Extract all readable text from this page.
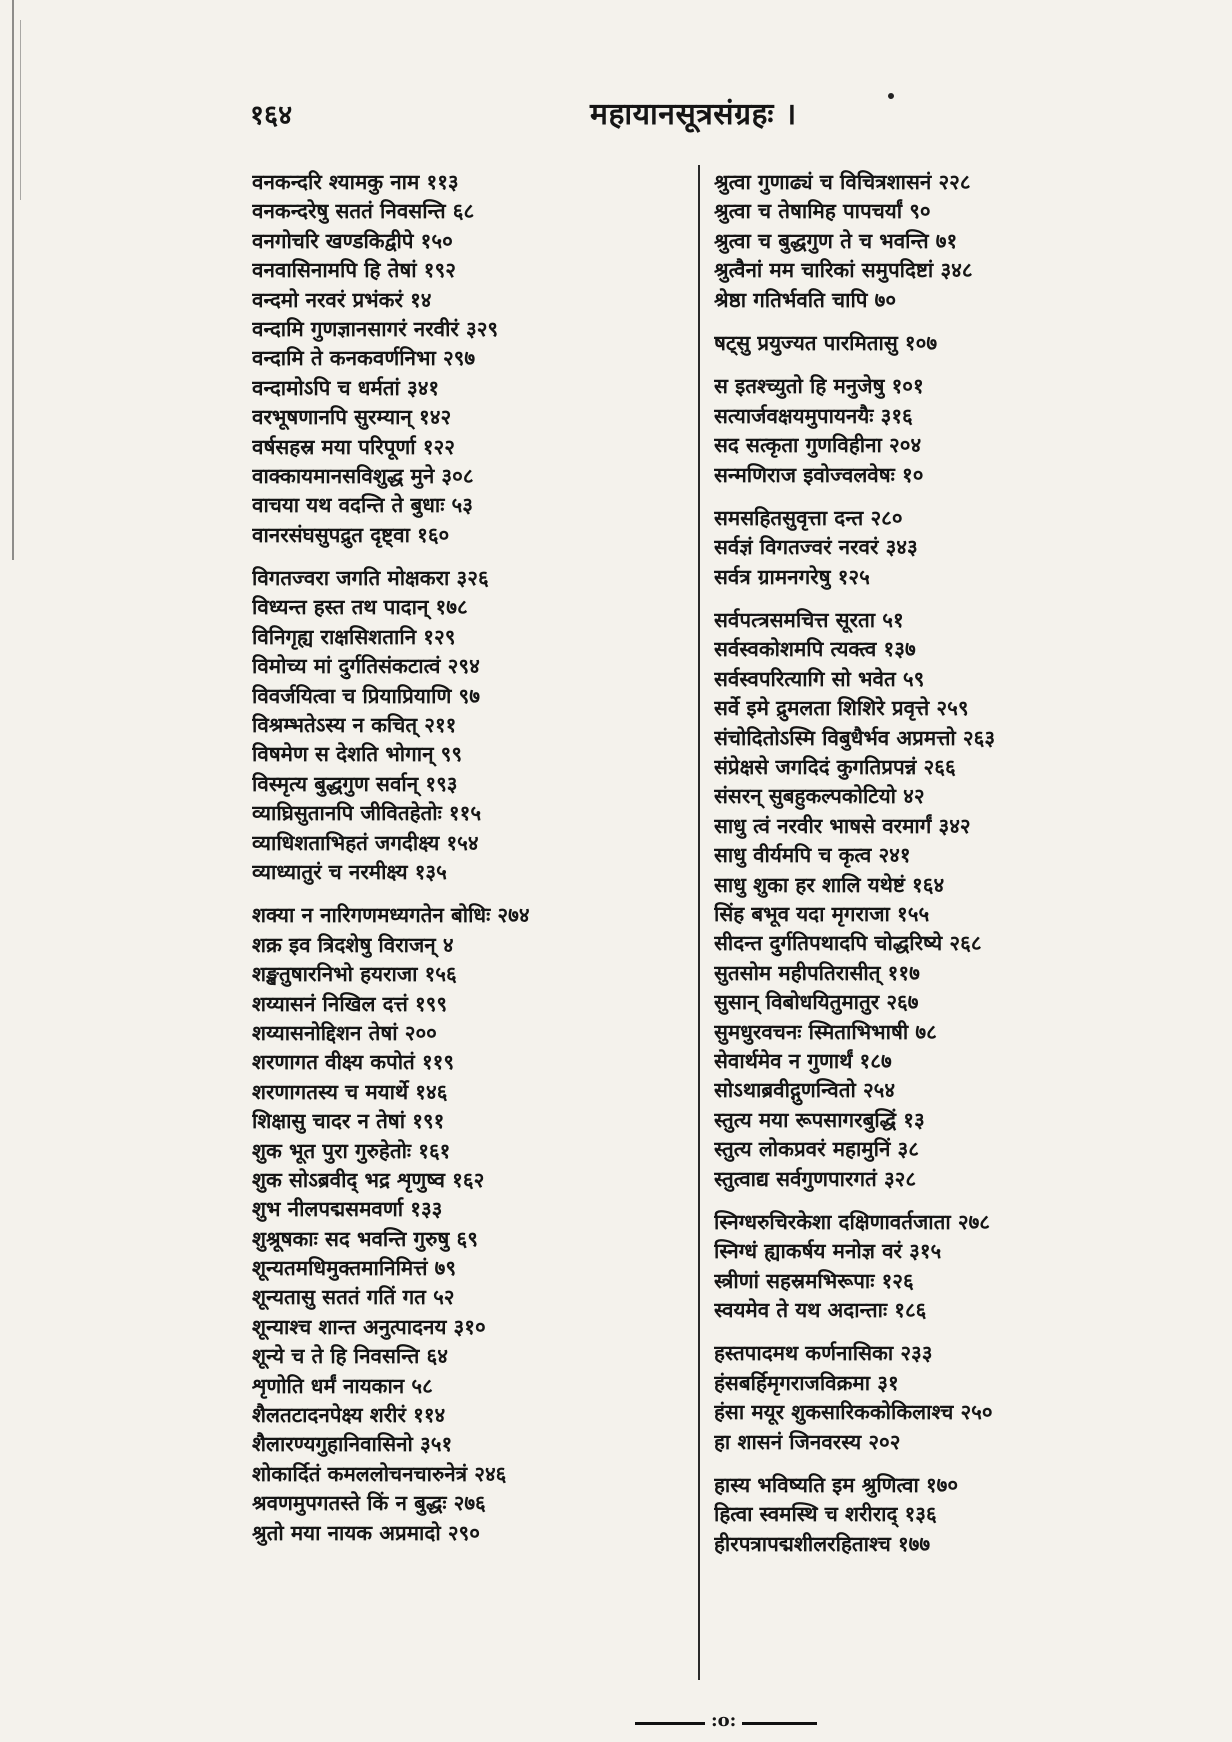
१६४	महायानसूत्रसंग्रहः ।
वनकन्दरि श्यामकु नाम ११३
वनकन्दरेषु सततं निवसन्ति ६८
वनगोचरि खण्डकिद्वीपे १५०
वनवासिनामपि हि तेषां १९२
वन्दमो नरवरं प्रभंकरं १४
वन्दामि गुणज्ञानसागरं नरवीरं ३२९
वन्दामि ते कनकवर्णनिभा २९७
वन्दामोऽपि च धर्मतां ३४१
वरभूषणानपि सुरम्यान् १४२
वर्षसहस्र मया परिपूर्णा १२२
वाक्कायमानसविशुद्ध मुने ३०८
वाचया यथ वदन्ति ते बुधाः ५३
वानरसंघसुपद्रुत दृष्ट्वा १६०
विगतज्वरा जगति मोक्षकरा ३२६
विध्यन्त हस्त तथ पादान् १७८
विनिगृह्य राक्षसिशतानि १२९
विमोच्य मां दुर्गतिसंकटात्वं २९४
विवर्जयित्वा च प्रियाप्रियाणि ९७
विश्रम्भतेऽस्य न कचित् २११
विषमेण स देशति भोगान् ९९
विस्मृत्य बुद्धगुण सर्वान् १९३
व्याघ्रिसुतानपि जीवितहेतोः ११५
व्याधिशताभिहतं जगदीक्ष्य १५४
व्याध्यातुरं च नरमीक्ष्य १३५
शक्या न नारिगणमध्यगतेन बोधिः २७४
शक्र इव त्रिदशेषु विराजन् ४
शङ्खतुषारनिभो हयराजा १५६
शय्यासनं निखिल दत्तं १९९
शय्यासनोद्दिशन तेषां २००
शरणागत वीक्ष्य कपोतं ११९
शरणागतस्य च मयार्थे १४६
शिक्षासु चादर न तेषां १९१
शुक भूत पुरा गुरुहेतोः १६१
शुक सोऽब्रवीद् भद्र शृणुष्व १६२
शुभ नीलपद्मसमवर्णा १३३
शुश्रूषकाः सद भवन्ति गुरुषु ६९
शून्यतमधिमुक्तमानिमित्तं ७९
शून्यतासु सततं गतिं गत ५२
शून्याश्च शान्त अनुत्पादनय ३१०
शून्ये च ते हि निवसन्ति ६४
शृणोति धर्मं नायकान ५८
शैलतटादनपेक्ष्य शरीरं ११४
शैलारण्यगुहानिवासिनो ३५१
शोकार्दितं कमललोचनचारुनेत्रं २४६
श्रवणमुपगतस्ते किं न बुद्धः २७६
श्रुतो मया नायक अप्रमादो २९०
श्रुत्वा गुणाढ्यं च विचित्रशासनं २२८
श्रुत्वा च तेषामिह पापचर्यां ९०
श्रुत्वा च बुद्धगुण ते च भवन्ति ७१
श्रुत्वैनां मम चारिकां समुपदिष्टां ३४८
श्रेष्ठा गतिर्भवति चापि ७०
षट्सु प्रयुज्यत पारमितासु १०७
स इतश्च्युतो हि मनुजेषु १०१
सत्यार्जवक्षयमुपायनयैः ३१६
सद सत्कृता गुणविहीना २०४
सन्मणिराज इवोज्वलवेषः १०
समसहितसुवृत्ता दन्त २८०
सर्वज्ञं विगतज्वरं नरवरं ३४३
सर्वत्र ग्रामनगरेषु १२५
सर्वपत्त्रसमचित्त सूरता ५१
सर्वस्वकोशमपि त्यक्त्व १३७
सर्वस्वपरित्यागि सो भवेत ५९
सर्वे इमे द्रुमलता शिशिरे प्रवृत्ते २५९
संचोदितोऽस्मि विबुधैर्भव अप्रमत्तो २६३
संप्रेक्षसे जगदिदं कुगतिप्रपन्नं २६६
संसरन् सुबहुकल्पकोटियो ४२
साधु त्वं नरवीर भाषसे वरमार्गं ३४२
साधु वीर्यमपि च कृत्व २४१
साधु शुका हर शालि यथेष्टं १६४
सिंह बभूव यदा मृगराजा १५५
सीदन्त दुर्गतिपथादपि चोद्धरिष्ये २६८
सुतसोम महीपतिरासीत् ११७
सुसान् विबोधयितुमातुर २६७
सुमधुरवचनः स्मिताभिभाषी ७८
सेवार्थमेव न गुणार्थं १८७
सोऽथाब्रवीद्गुणन्वितो २५४
स्तुत्य मया रूपसागरबुद्धिं १३
स्तुत्य लोकप्रवरं महामुनिं ३८
स्तुत्वाद्य सर्वगुणपारगतं ३२८
स्निग्धरुचिरकेशा दक्षिणावर्तजाता २७८
स्निग्धं ह्याकर्षय मनोज्ञ वरं ३१५
स्त्रीणां सहस्रमभिरूपाः १२६
स्वयमेव ते यथ अदान्ताः १८६
हस्तपादमथ कर्णनासिका २३३
हंसबर्हिमृगराजविक्रमा ३१
हंसा मयूर शुकसारिककोकिलाश्च २५०
हा शासनं जिनवरस्य २०२
हास्य भविष्यति इम श्रुणित्वा १७०
हित्वा स्वमस्थि च शरीराद् १३६
हीरपत्रापद्मशीलरहिताश्च १७७
:o:
